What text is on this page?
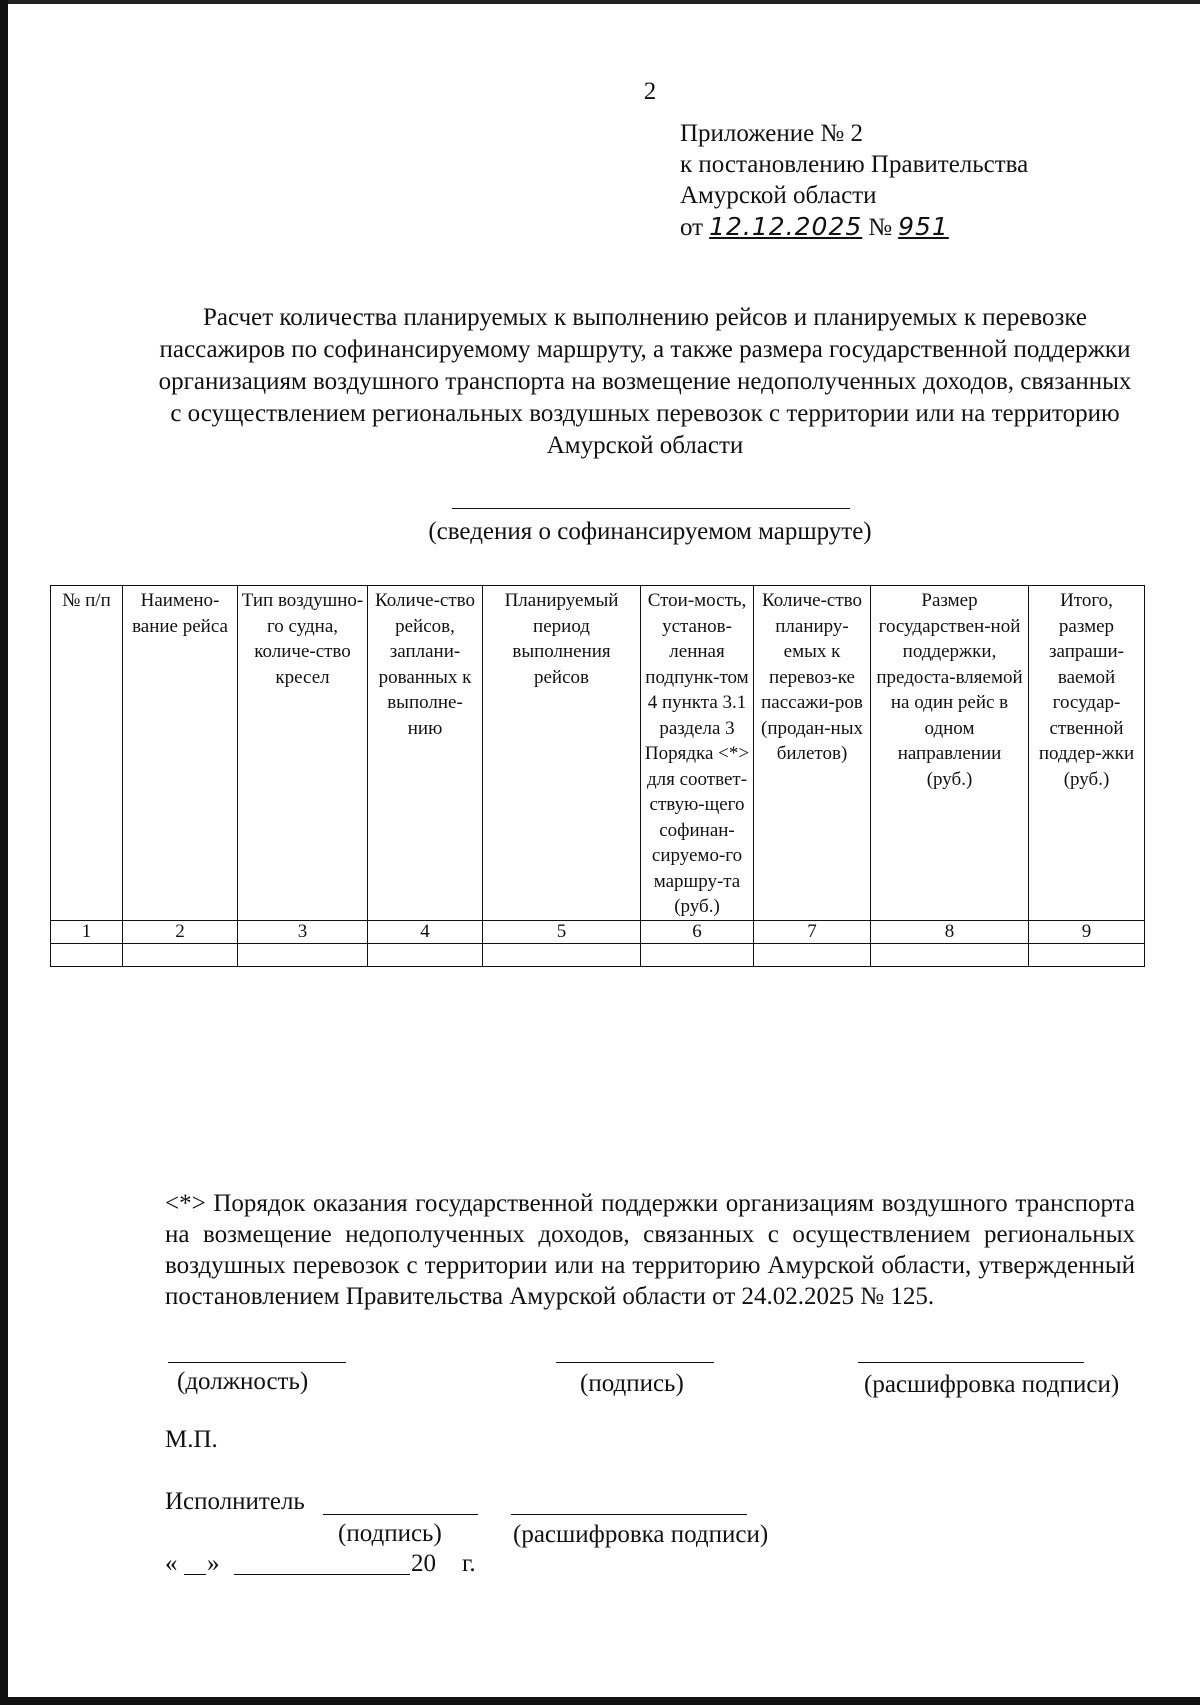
2
Приложение № 2
к постановлению Правительства
Амурской области
от 12.12.2025 № 951
Расчет количества планируемых к выполнению рейсов и планируемых к перевозке пассажиров по софинансируемому маршруту, а также размера государственной поддержки организациям воздушного транспорта на возмещение недополученных доходов, связанных с осуществлением региональных воздушных перевозок с территории или на территорию Амурской области
(сведения о софинансируемом маршруте)
№ п/п	Наимено-вание рейса	Тип воздушно-го судна, количе-ство кресел	Количе-ство рейсов, заплани-рованных к выполне-нию	Планируемый период выполнения рейсов	Стои-мость, установ-ленная подпунк-том 4 пункта 3.1 раздела 3 Порядка <*> для соответ-ствую-щего софинан-сируемо-го маршру-та (руб.)	Количе-ство планиру-емых к перевоз-ке пассажи-ров (продан-ных билетов)	Размер государствен-ной поддержки, предоста-вляемой на один рейс в одном направлении (руб.)	Итого, размер запраши-ваемой государ-ственной поддер-жки (руб.)
1	2	3	4	5	6	7	8	9

<*> Порядок оказания государственной поддержки организациям воздушного транспорта на возмещение недополученных доходов, связанных с осуществлением региональных воздушных перевозок с территории или на территорию Амурской области, утвержденный постановлением Правительства Амурской области от 24.02.2025 № 125.
(должность)	(подпись)	(расшифровка подписи)
М.П.
Исполнитель
(подпись)	(расшифровка подписи)
« »	20 г.
